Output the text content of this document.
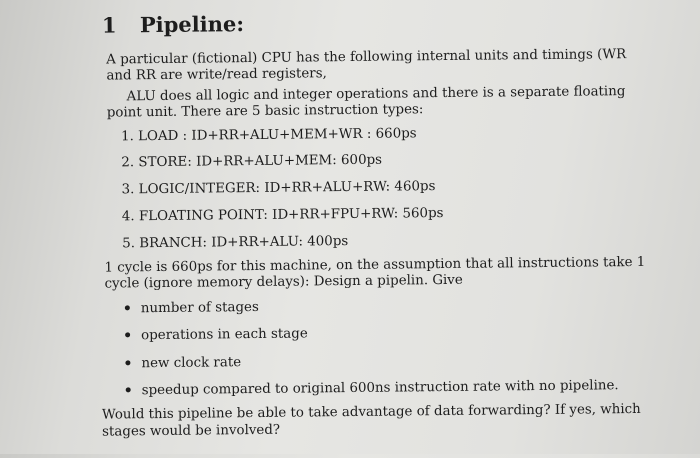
1 Pipeline:
A particular (fictional) CPU has the following internal units and timings (WR
and RR are write/read registers,
ALU does all logic and integer operations and there is a separate floating
point unit. There are 5 basic instruction types:
1. LOAD : ID+RR+ALU+MEM+WR : 660ps
2. STORE: ID+RR+ALU+MEM: 600ps
3. LOGIC/INTEGER: ID+RR+ALU+RW: 460ps
4. FLOATING POINT: ID+RR+FPU+RW: 560ps
5. BRANCH: ID+RR+ALU: 400ps
1 cycle is 660ps for this machine, on the assumption that all instructions take 1
cycle (ignore memory delays): Design a pipelin. Give
number of stages
operations in each stage
new clock rate
speedup compared to original 600ns instruction rate with no pipeline.
Would this pipeline be able to take advantage of data forwarding? If yes, which
stages would be involved?
